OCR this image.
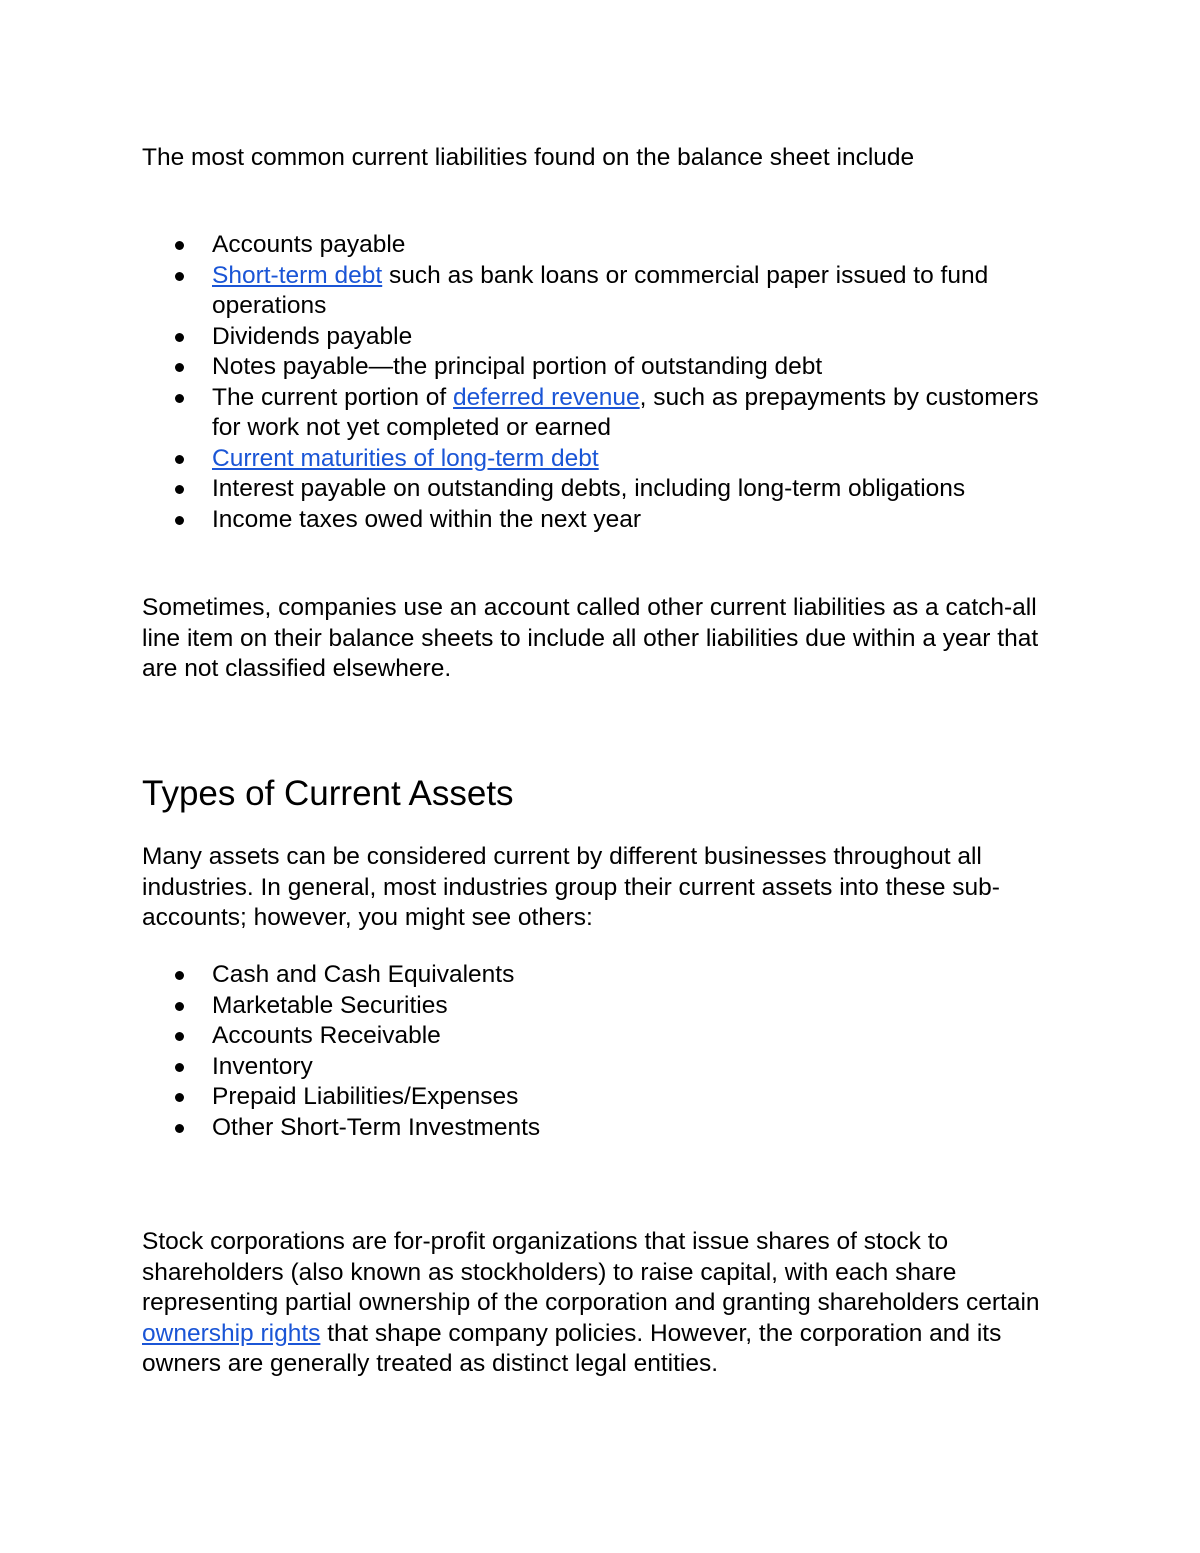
The most common current liabilities found on the balance sheet include

Accounts payable
Short-term debt such as bank loans or commercial paper issued to fund operations
Dividends payable
Notes payable—the principal portion of outstanding debt
The current portion of deferred revenue, such as prepayments by customers for work not yet completed or earned
Current maturities of long-term debt
Interest payable on outstanding debts, including long-term obligations
Income taxes owed within the next year

Sometimes, companies use an account called other current liabilities as a catch-all line item on their balance sheets to include all other liabilities due within a year that are not classified elsewhere.

Types of Current Assets

Many assets can be considered current by different businesses throughout all industries. In general, most industries group their current assets into these sub-accounts; however, you might see others:

Cash and Cash Equivalents
Marketable Securities
Accounts Receivable
Inventory
Prepaid Liabilities/Expenses
Other Short-Term Investments

Stock corporations are for-profit organizations that issue shares of stock to shareholders (also known as stockholders) to raise capital, with each share representing partial ownership of the corporation and granting shareholders certain ownership rights that shape company policies. However, the corporation and its owners are generally treated as distinct legal entities.
